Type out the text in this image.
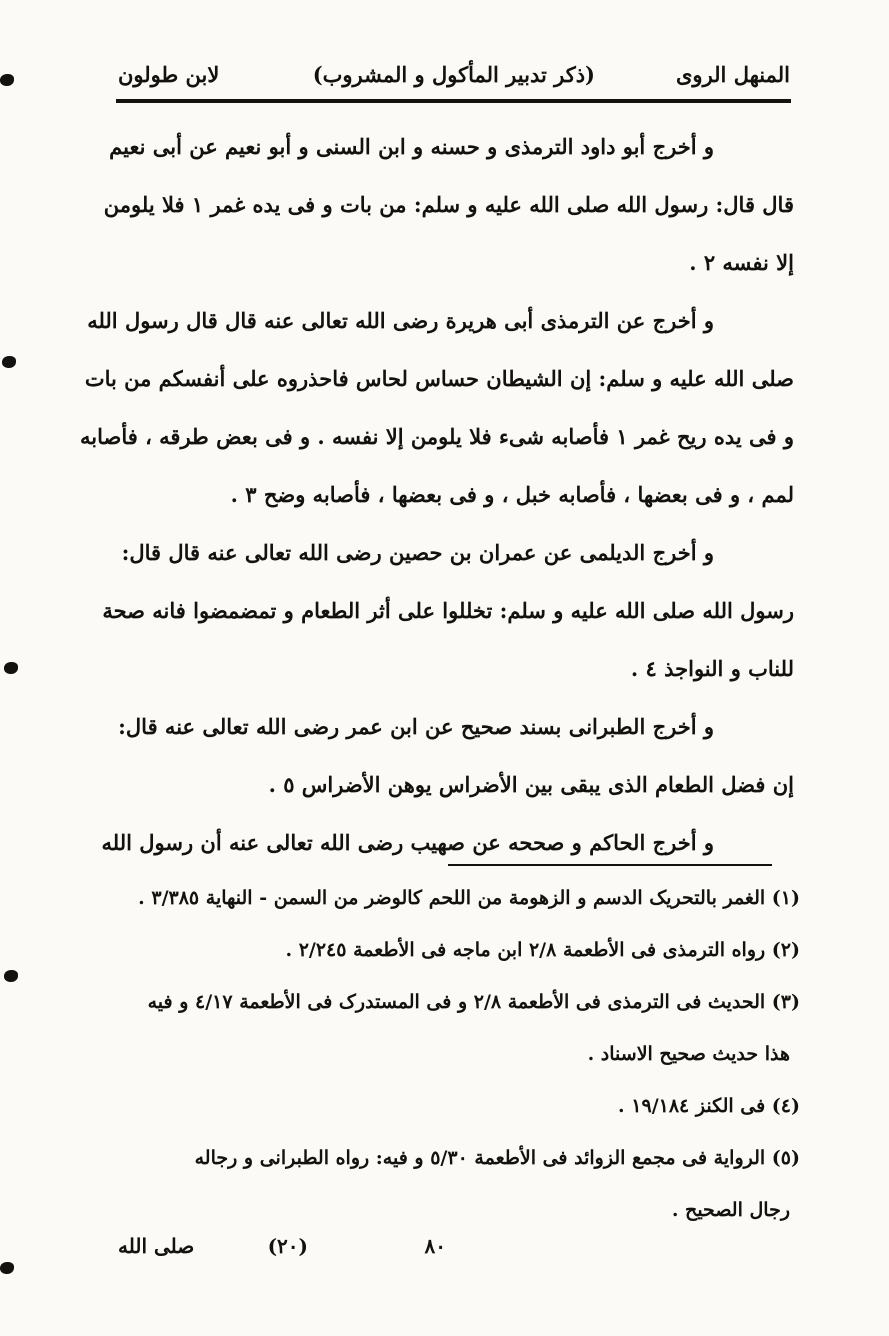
المنهل الروی
(ذکر تدبیر المأکول و المشروب)
لابن طولون
و أخرج أبو داود الترمذی و حسنه و ابن السنی و أبو نعیم عن أبی نعیم
قال قال: رسول الله صلی الله علیه و سلم: من بات و فی یده غمر ١ فلا یلومن
إلا نفسه ٢ .
و أخرج عن الترمذی أبی هریرة رضی الله تعالی عنه قال قال رسول الله
صلی الله علیه و سلم: إن الشیطان حساس لحاس فاحذروه علی أنفسکم من بات
و فی یده ریح غمر ١ فأصابه شیء فلا یلومن إلا نفسه . و فی بعض طرقه ، فأصابه
لمم ، و فی بعضها ، فأصابه خبل ، و فی بعضها ، فأصابه وضح ٣ .
و أخرج الدیلمی عن عمران بن حصین رضی الله تعالی عنه قال قال:
رسول الله صلی الله علیه و سلم: تخللوا علی أثر الطعام و تمضمضوا فانه صحة
للناب و النواجذ ٤ .
و أخرج الطبرانی بسند صحیح عن ابن عمر رضی الله تعالی عنه قال:
إن فضل الطعام الذی یبقی بین الأضراس یوهن الأضراس ٥ .
و أخرج الحاکم و صححه عن صهیب رضی الله تعالی عنه أن رسول الله
(١) الغمر بالتحریک الدسم و الزهومة من اللحم کالوضر من السمن - النهایة ٣/٣٨٥ .
(٢) رواه الترمذی فی الأطعمة ٢/٨ ابن ماجه فی الأطعمة ٢/٢٤٥ .
(٣) الحدیث فی الترمذی فی الأطعمة ٢/٨ و فی المستدرک فی الأطعمة ٤/١٧ و فیه
هذا حدیث صحیح الاسناد .
(٤) فی الکنز ١٩/١٨٤ .
(٥) الروایة فی مجمع الزوائد فی الأطعمة ٥/٣٠ و فیه: رواه الطبرانی و رجاله
رجال الصحیح .
٨٠
(٢٠)
صلی الله
